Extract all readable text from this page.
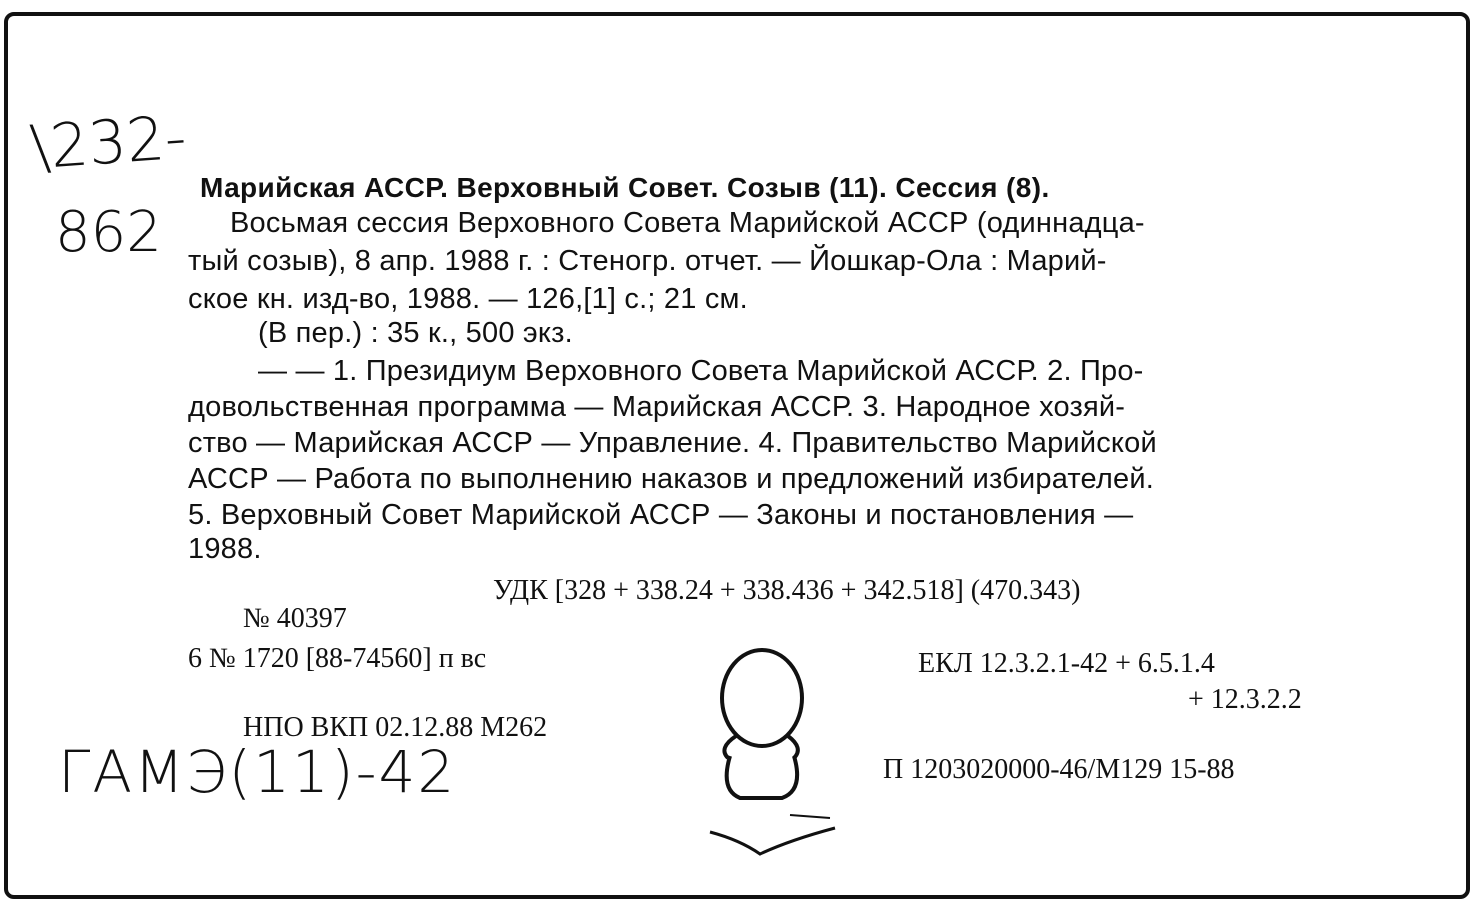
\232-
862
Марийская АССР. Верховный Совет. Созыв (11). Сессия (8).
Восьмая сессия Верховного Совета Марийской АССР (одиннадца-
тый созыв), 8 апр. 1988 г. : Стеногр. отчет. — Йошкар-Ола : Марий-
ское кн. изд-во, 1988. — 126,[1] с.; 21 см.
(В пер.) : 35 к., 500 экз.
— — 1. Президиум Верховного Совета Марийской АССР. 2. Про-
довольственная программа — Марийская АССР. 3. Народное хозяй-
ство — Марийская АССР — Управление. 4. Правительство Марийской
АССР — Работа по выполнению наказов и предложений избирателей.
5. Верховный Совет Марийской АССР — Законы и постановления —
1988.
УДК [328 + 338.24 + 338.436 + 342.518] (470.343)
№ 40397
6 № 1720 [88-74560] п вс	ЕКЛ 12.3.2.1-42 + 6.5.1.4
+ 12.3.2.2
НПО ВКП 02.12.88 М262
П 1203020000-46/М129 15-88
ГАМЭ(11)-42
